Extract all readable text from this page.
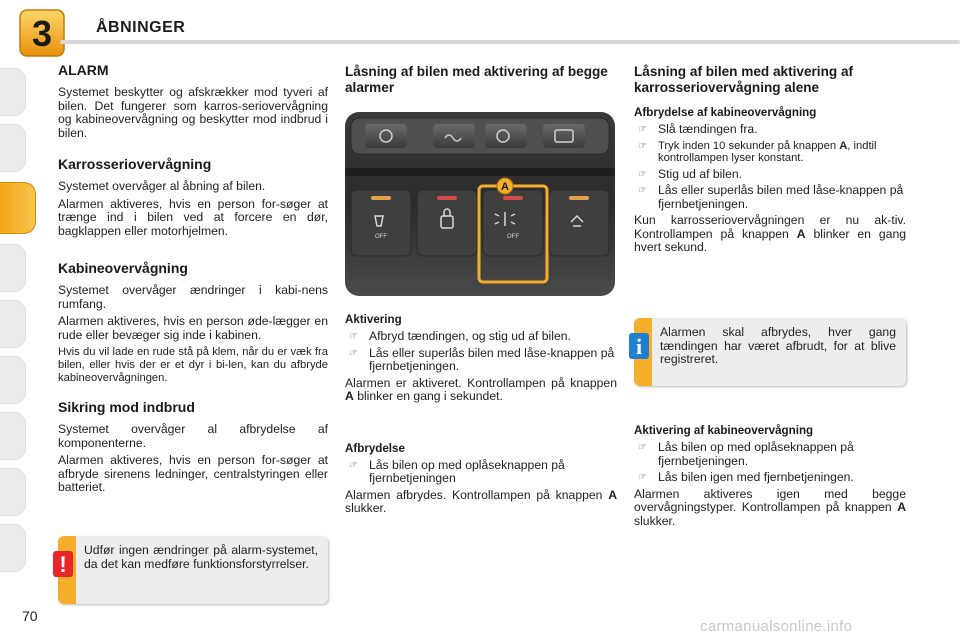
3	ÅBNINGER
ALARM

Systemet beskytter og afskrækker mod tyveri af bilen. Det fungerer som karros-seriovervågning og kabineovervågning og beskytter mod indbrud i bilen.

Karrosseriovervågning

Systemet overvåger al åbning af bilen.

Alarmen aktiveres, hvis en person for-søger at trænge ind i bilen ved at forcere en dør, bagklappen eller motorhjelmen.

Kabineovervågning

Systemet overvåger ændringer i kabi-nens rumfang.

Alarmen aktiveres, hvis en person øde-lægger en rude eller bevæger sig inde i kabinen.

Hvis du vil lade en rude stå på klem, når du er væk fra bilen, eller hvis der er et dyr i bi-len, kan du afbryde kabineovervågningen.

Sikring mod indbrud

Systemet overvåger al afbrydelse af komponenterne.

Alarmen aktiveres, hvis en person for-søger at afbryde sirenens ledninger, centralstyringen eller batteriet.

!
Udfør ingen ændringer på alarm-systemet, da det kan medføre funktionsforstyrrelser.
Låsning af bilen med aktivering af begge alarmer
A
OFF	OFF
Aktivering
☞ Afbryd tændingen, og stig ud af bilen.
☞ Lås eller superlås bilen med låse-knappen på fjernbetjeningen.

Alarmen er aktiveret. Kontrollampen på knappen A blinker en gang i sekundet.

Afbrydelse
☞ Lås bilen op med oplåseknappen på fjernbetjeningen

Alarmen afbrydes. Kontrollampen på knappen A slukker.

Låsning af bilen med aktivering af karrosseriovervågning alene
Afbrydelse af kabineovervågning
☞ Slå tændingen fra.
☞ Tryk inden 10 sekunder på knappen A, indtil kontrollampen lyser konstant.
☞ Stig ud af bilen.
☞ Lås eller superlås bilen med låse-knappen på fjernbetjeningen.

Kun karrosseriovervågningen er nu ak-tiv. Kontrollampen på knappen A blinker en gang hvert sekund.

i
Alarmen skal afbrydes, hver gang tændingen har været afbrudt, for at blive registreret.
Aktivering af kabineovervågning
☞ Lås bilen op med oplåseknappen på fjernbetjeningen.
☞ Lås bilen igen med fjernbetjeningen.

Alarmen aktiveres igen med begge overvågningstyper. Kontrollampen på knappen A slukker.

70
carmanualsonline.info
